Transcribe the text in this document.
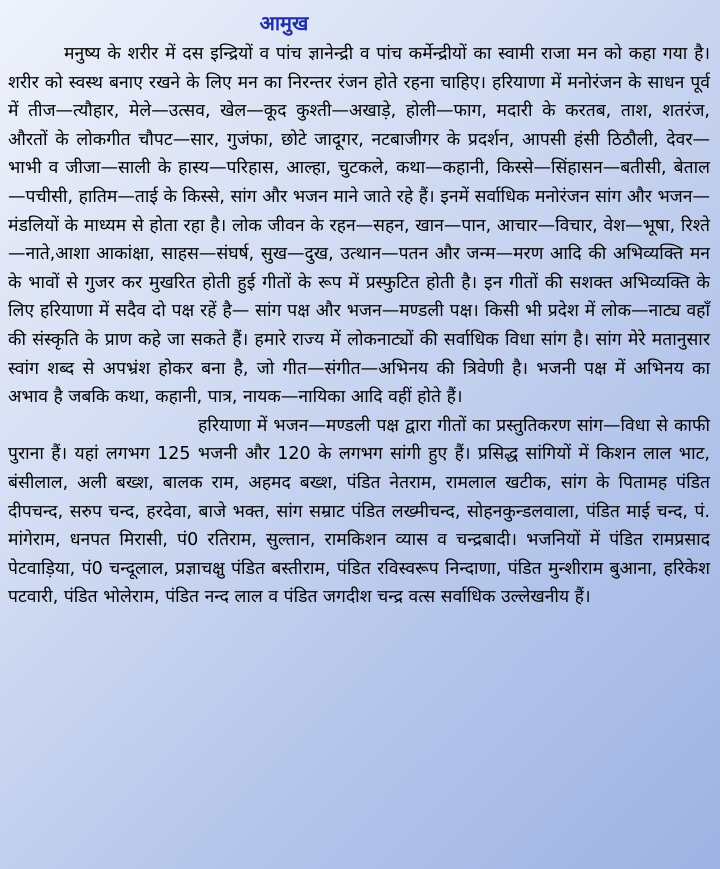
आमुख

मनुष्य के शरीर में दस इन्द्रियों व पांच ज्ञानेन्द्री व पांच कर्मेन्द्रीयों का स्वामी राजा मन को कहा गया है। शरीर को स्वस्थ बनाए रखने के लिए मन का निरन्तर रंजन होते रहना चाहिए। हरियाणा में मनोरंजन के साधन पूर्व में तीज—त्यौहार, मेले—उत्सव, खेल—कूद कुश्ती—अखाड़े, होली—फाग, मदारी के करतब, ताश, शतरंज, औरतों के लोकगीत चौपट—सार, गुजंफा, छोटे जादूगर, नटबाजीगर के प्रदर्शन, आपसी हंसी ठिठौली, देवर—भाभी व जीजा—साली के हास्य—परिहास, आल्हा, चुटकले, कथा—कहानी, किस्से—सिंहासन—बतीसी, बेताल—पचीसी, हातिम—ताई के किस्से, सांग और भजन माने जाते रहे हैं। इनमें सर्वाधिक मनोरंजन सांग और भजन—मंडलियों के माध्यम से होता रहा है। लोक जीवन के रहन—सहन, खान—पान, आचार—विचार, वेश—भूषा, रिश्ते—नाते,आशा आकांक्षा, साहस—संघर्ष, सुख—दुख, उत्थान—पतन और जन्म—मरण आदि की अभिव्यक्ति मन के भावों से गुजर कर मुखरित होती हुई गीतों के रूप में प्रस्फुटित होती है। इन गीतों की सशक्त अभिव्यक्ति के लिए हरियाणा में सदैव दो पक्ष रहें है— सांग पक्ष और भजन—मण्डली पक्ष। किसी भी प्रदेश में लोक—नाट्य वहाँ की संस्कृति के प्राण कहे जा सकते हैं। हमारे राज्य में लोकनाट्यों की सर्वाधिक विधा सांग है। सांग मेरे मतानुसार स्वांग शब्द से अपभ्रंश होकर बना है, जो गीत—संगीत—अभिनय की त्रिवेणी है। भजनी पक्ष में अभिनय का अभाव है जबकि कथा, कहानी, पात्र, नायक—नायिका आदि वहीं होते हैं।

हरियाणा में भजन—मण्डली पक्ष द्वारा गीतों का प्रस्तुतिकरण सांग—विधा से काफी पुराना हैं। यहां लगभग 125 भजनी और 120 के लगभग सांगी हुए हैं। प्रसिद्ध सांगियों में किशन लाल भाट, बंसीलाल, अली बख्श, बालक राम, अहमद बख्श, पंडित नेतराम, रामलाल खटीक, सांग के पितामह पंडित दीपचन्द, सरुप चन्द, हरदेवा, बाजे भक्त, सांग सम्राट पंडित लख्मीचन्द, सोहनकुन्डलवाला, पंडित माई चन्द, पं. मांगेराम, धनपत मिरासी, पं0 रतिराम, सुल्तान, रामकिशन व्यास व चन्द्रबादी। भजनियों में पंडित रामप्रसाद पेटवाड़िया, पं0 चन्दूलाल, प्रज्ञाचक्षु पंडित बस्तीराम, पंडित रविस्वरूप निन्दाणा, पंडित मुन्शीराम बुआना, हरिकेश पटवारी, पंडित भोलेराम, पंडित नन्द लाल व पंडित जगदीश चन्द्र वत्स सर्वाधिक उल्लेखनीय हैं।
